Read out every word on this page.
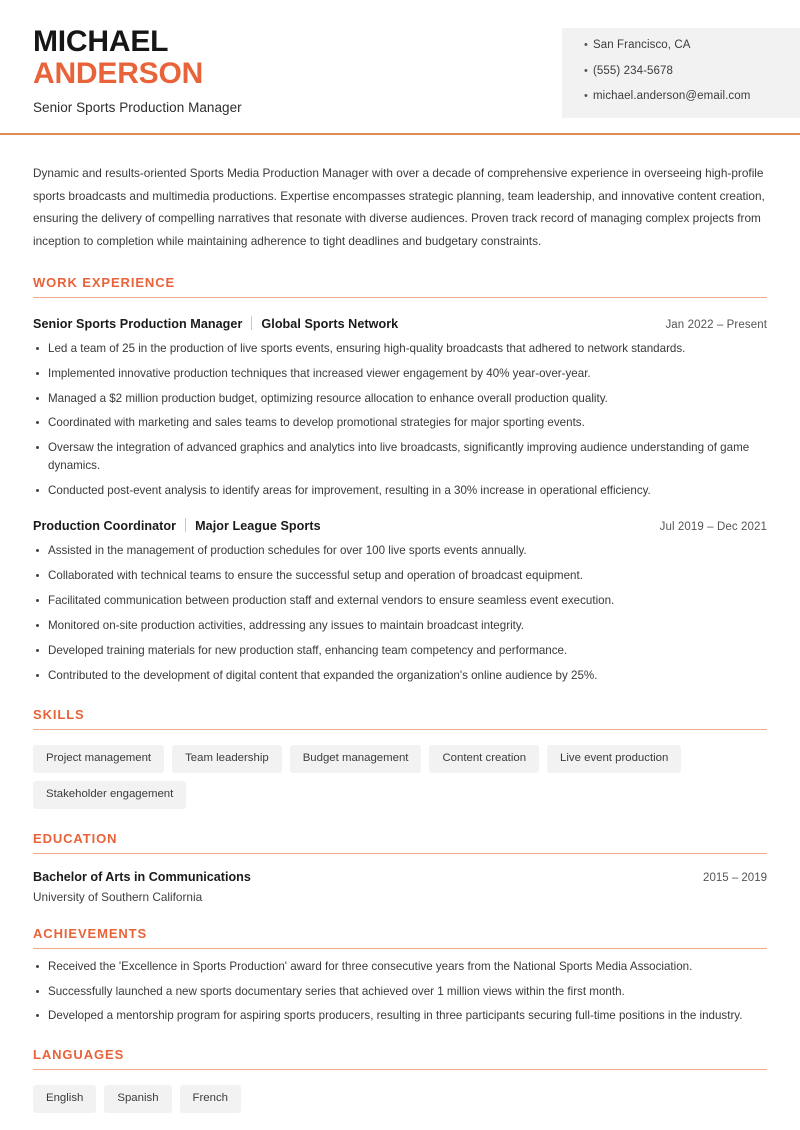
MICHAEL
ANDERSON
Senior Sports Production Manager
• San Francisco, CA
• (555) 234-5678
• michael.anderson@email.com

Dynamic and results-oriented Sports Media Production Manager with over a decade of comprehensive experience in overseeing high-profile sports broadcasts and multimedia productions. Expertise encompasses strategic planning, team leadership, and innovative content creation, ensuring the delivery of compelling narratives that resonate with diverse audiences. Proven track record of managing complex projects from inception to completion while maintaining adherence to tight deadlines and budgetary constraints.

WORK EXPERIENCE
Senior Sports Production Manager Global Sports Network	Jan 2022 – Present
Led a team of 25 in the production of live sports events, ensuring high-quality broadcasts that adhered to network standards.
Implemented innovative production techniques that increased viewer engagement by 40% year-over-year.
Managed a $2 million production budget, optimizing resource allocation to enhance overall production quality.
Coordinated with marketing and sales teams to develop promotional strategies for major sporting events.
Oversaw the integration of advanced graphics and analytics into live broadcasts, significantly improving audience understanding of game dynamics.
Conducted post-event analysis to identify areas for improvement, resulting in a 30% increase in operational efficiency.
Production Coordinator Major League Sports	Jul 2019 – Dec 2021
Assisted in the management of production schedules for over 100 live sports events annually.
Collaborated with technical teams to ensure the successful setup and operation of broadcast equipment.
Facilitated communication between production staff and external vendors to ensure seamless event execution.
Monitored on-site production activities, addressing any issues to maintain broadcast integrity.
Developed training materials for new production staff, enhancing team competency and performance.
Contributed to the development of digital content that expanded the organization's online audience by 25%.
SKILLS
Project management	Team leadership	Budget management	Content creation	Live event production
Stakeholder engagement
EDUCATION
Bachelor of Arts in Communications	2015 – 2019
University of Southern California
ACHIEVEMENTS
Received the 'Excellence in Sports Production' award for three consecutive years from the National Sports Media Association.
Successfully launched a new sports documentary series that achieved over 1 million views within the first month.
Developed a mentorship program for aspiring sports producers, resulting in three participants securing full-time positions in the industry.
LANGUAGES
English	Spanish	French
